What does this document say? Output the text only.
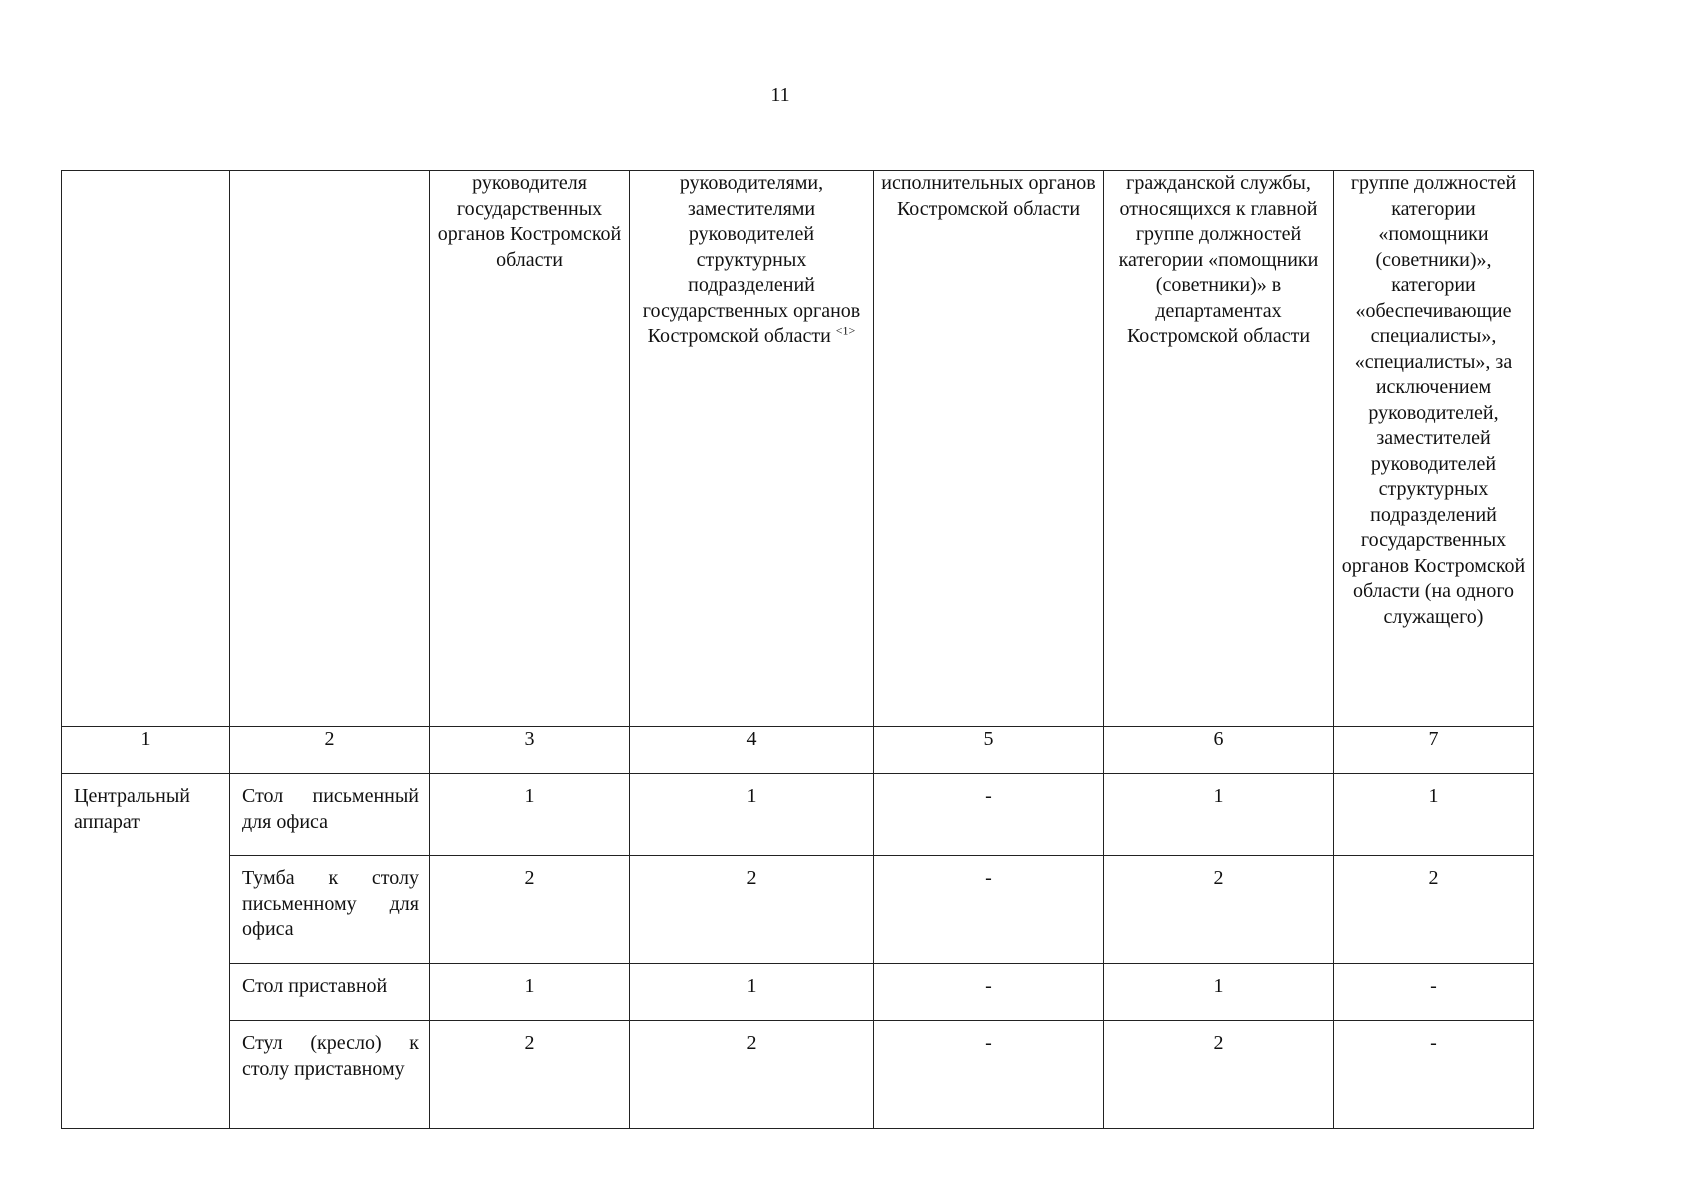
11

		руководителя государственных органов Костромской области	руководителями, заместителями руководителей структурных подразделений государственных органов Костромской области $^{<1>}$	исполнительных органов Костромской области	гражданской службы, относящихся к главной группе должностей категории «помощники (советники)» в департаментах Костромской области	группе должностей категории «помощники (советники)», категории «обеспечивающие специалисты», «специалисты», за исключением руководителей, заместителей руководителей структурных подразделений государственных органов Костромской области (на одного служащего)

1	2	3	4	5	6	7
Центральный аппарат	Стол письменный для офиса	1	1	-	1	1
	Тумба к столу письменному для офиса	2	2	-	2	2
	Стол приставной	1	1	-	1	-
	Стул (кресло) к столу приставному	2	2	-	2	-
